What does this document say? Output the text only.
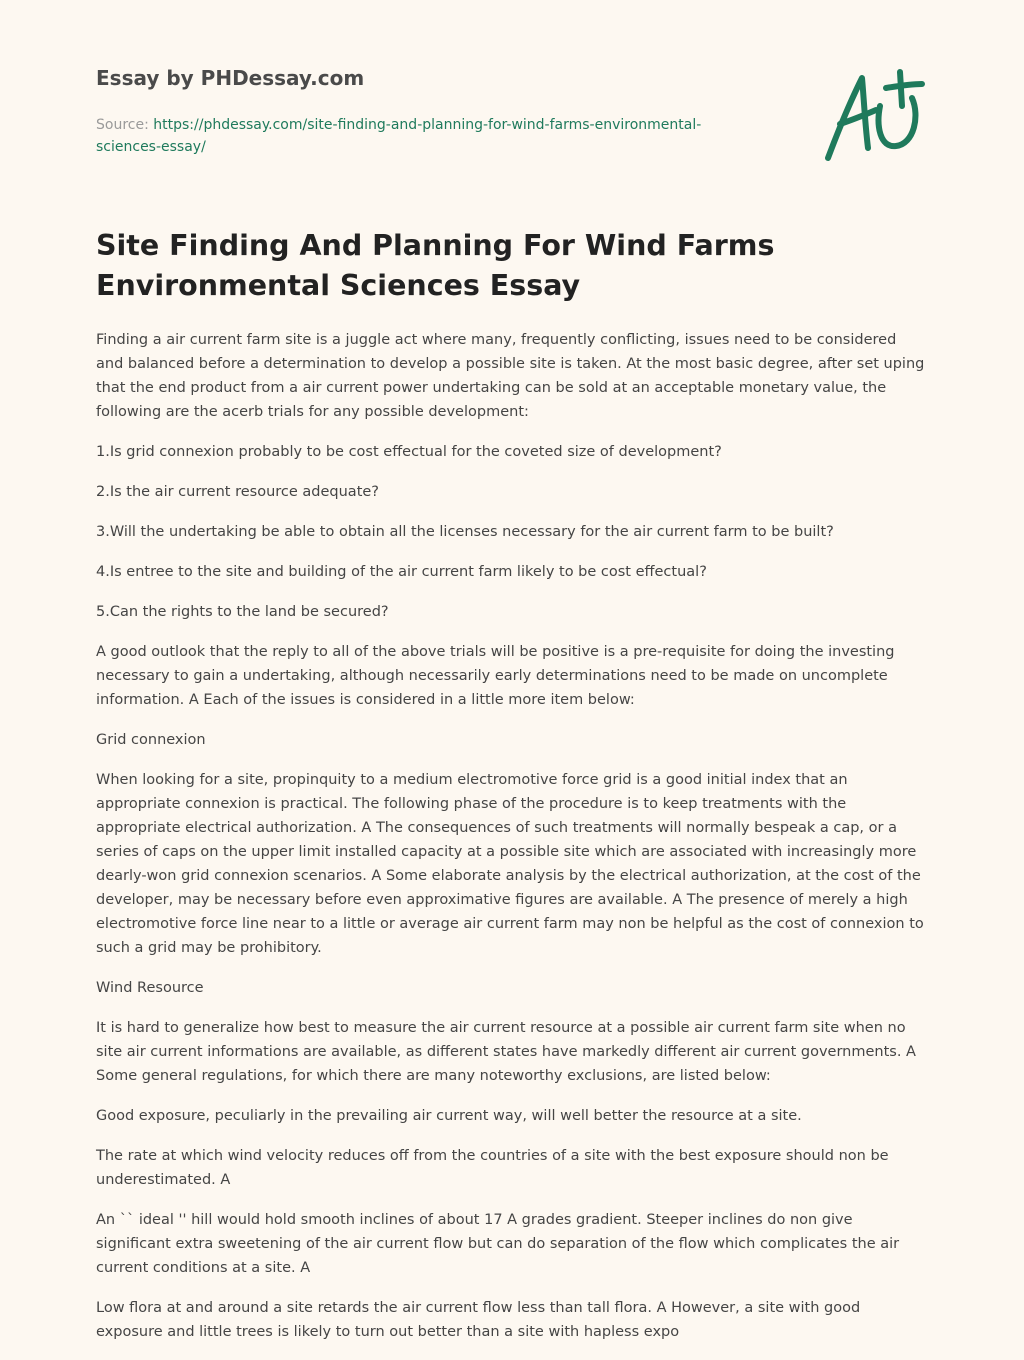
Essay by PHDessay.com

Source: https://phdessay.com/site-finding-and-planning-for-wind-farms-environmental-
sciences-essay/
Site Finding And Planning For Wind Farms Environmental Sciences Essay

Finding a air current farm site is a juggle act where many, frequently conflicting, issues need to be considered and balanced before a determination to develop a possible site is taken. At the most basic degree, after set uping that the end product from a air current power undertaking can be sold at an acceptable monetary value, the following are the acerb trials for any possible development:

1.Is grid connexion probably to be cost effectual for the coveted size of development?

2.Is the air current resource adequate?

3.Will the undertaking be able to obtain all the licenses necessary for the air current farm to be built?

4.Is entree to the site and building of the air current farm likely to be cost effectual?

5.Can the rights to the land be secured?

A good outlook that the reply to all of the above trials will be positive is a pre-requisite for doing the investing necessary to gain a undertaking, although necessarily early determinations need to be made on uncomplete information. A Each of the issues is considered in a little more item below:

Grid connexion

When looking for a site, propinquity to a medium electromotive force grid is a good initial index that an appropriate connexion is practical. The following phase of the procedure is to keep treatments with the appropriate electrical authorization. A The consequences of such treatments will normally bespeak a cap, or a series of caps on the upper limit installed capacity at a possible site which are associated with increasingly more dearly-won grid connexion scenarios. A Some elaborate analysis by the electrical authorization, at the cost of the developer, may be necessary before even approximative figures are available. A The presence of merely a high electromotive force line near to a little or average air current farm may non be helpful as the cost of connexion to such a grid may be prohibitory.

Wind Resource

It is hard to generalize how best to measure the air current resource at a possible air current farm site when no site air current informations are available, as different states have markedly different air current governments. A Some general regulations, for which there are many noteworthy exclusions, are listed below:

Good exposure, peculiarly in the prevailing air current way, will well better the resource at a site.

The rate at which wind velocity reduces off from the countries of a site with the best exposure should non be underestimated. A

An `` ideal '' hill would hold smooth inclines of about 17 A grades gradient. Steeper inclines do non give significant extra sweetening of the air current flow but can do separation of the flow which complicates the air current conditions at a site. A

Low flora at and around a site retards the air current flow less than tall flora. A However, a site with good exposure and little trees is likely to turn out better than a site with hapless expo
